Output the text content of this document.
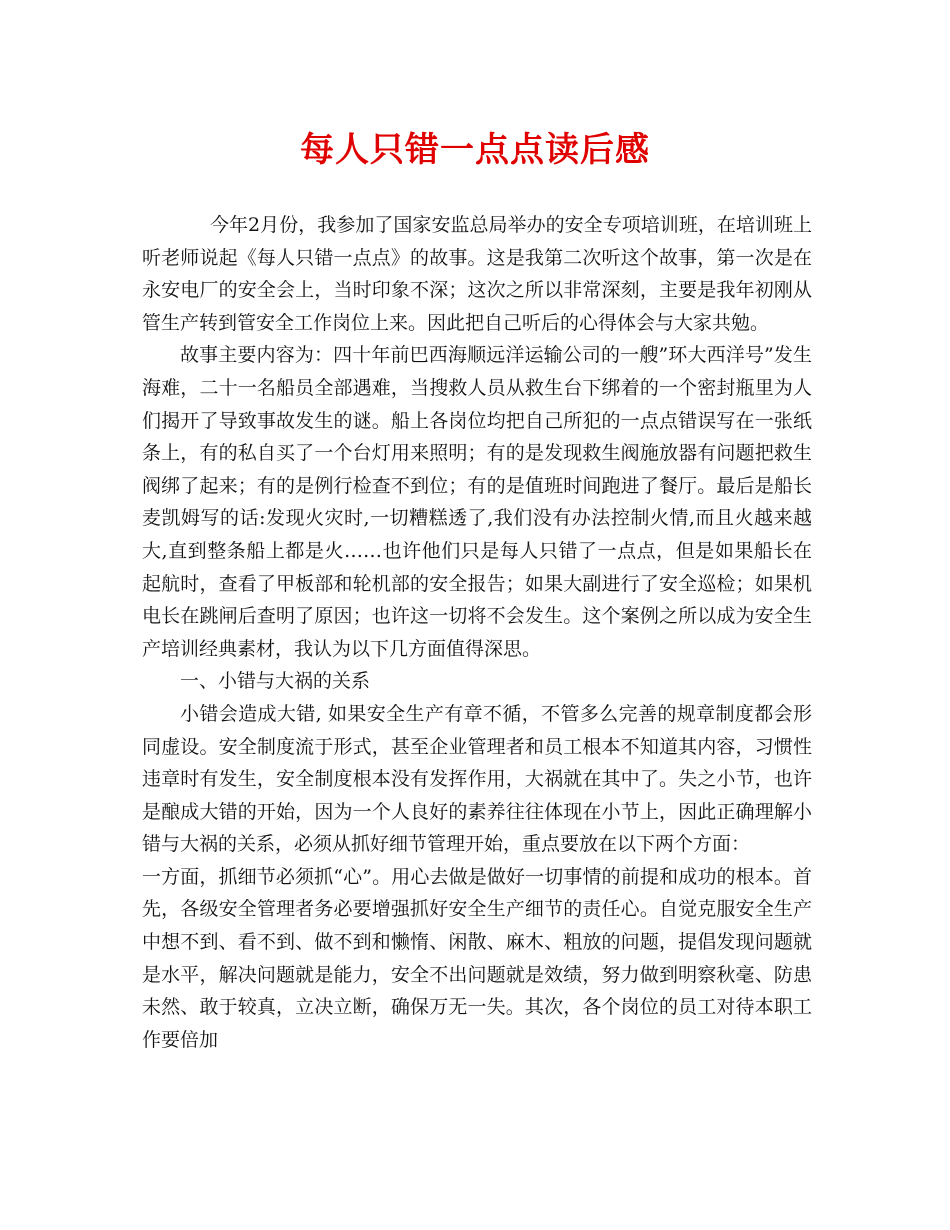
每人只错一点点读后感

今年2月份，我参加了国家安监总局举办的安全专项培训班，在培训班上听老师说起《每人只错一点点》的故事。这是我第二次听这个故事，第一次是在永安电厂的安全会上，当时印象不深；这次之所以非常深刻，主要是我年初刚从管生产转到管安全工作岗位上来。因此把自己听后的心得体会与大家共勉。

故事主要内容为：四十年前巴西海顺远洋运输公司的一艘”环大西洋号”发生海难，二十一名船员全部遇难，当搜救人员从救生台下绑着的一个密封瓶里为人们揭开了导致事故发生的谜。船上各岗位均把自己所犯的一点点错误写在一张纸条上，有的私自买了一个台灯用来照明；有的是发现救生阀施放器有问题把救生阀绑了起来；有的是例行检查不到位；有的是值班时间跑进了餐厅。最后是船长麦凯姆写的话:发现火灾时,一切糟糕透了,我们没有办法控制火情,而且火越来越大,直到整条船上都是火……也许他们只是每人只错了一点点，但是如果船长在起航时，查看了甲板部和轮机部的安全报告；如果大副进行了安全巡检；如果机电长在跳闸后查明了原因；也许这一切将不会发生。这个案例之所以成为安全生产培训经典素材，我认为以下几方面值得深思。

一、小错与大祸的关系

小错会造成大错, 如果安全生产有章不循，不管多么完善的规章制度都会形同虚设。安全制度流于形式，甚至企业管理者和员工根本不知道其内容，习惯性违章时有发生，安全制度根本没有发挥作用，大祸就在其中了。失之小节，也许是酿成大错的开始，因为一个人良好的素养往往体现在小节上，因此正确理解小错与大祸的关系，必须从抓好细节管理开始，重点要放在以下两个方面：

一方面，抓细节必须抓“心”。用心去做是做好一切事情的前提和成功的根本。首先，各级安全管理者务必要增强抓好安全生产细节的责任心。自觉克服安全生产中想不到、看不到、做不到和懒惰、闲散、麻木、粗放的问题，提倡发现问题就是水平，解决问题就是能力，安全不出问题就是效绩，努力做到明察秋毫、防患未然、敢于较真，立决立断，确保万无一失。其次，各个岗位的员工对待本职工作要倍加
